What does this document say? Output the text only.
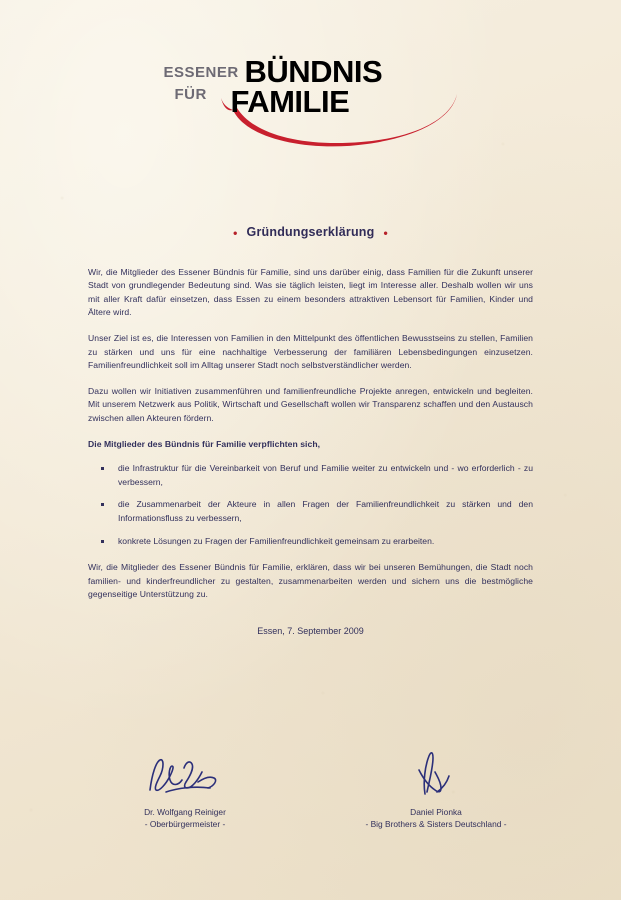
ESSENER
FÜR
BÜNDNIS
FAMILIE
• Gründungserklärung •

Wir, die Mitglieder des Essener Bündnis für Familie, sind uns darüber einig, dass Familien für die Zukunft unserer Stadt von grundlegender Bedeutung sind. Was sie täglich leisten, liegt im Interesse aller. Deshalb wollen wir uns mit aller Kraft dafür einsetzen, dass Essen zu einem besonders attraktiven Lebensort für Familien, Kinder und Ältere wird.

Unser Ziel ist es, die Interessen von Familien in den Mittelpunkt des öffentlichen Bewusstseins zu stellen, Familien zu stärken und uns für eine nachhaltige Verbesserung der familiären Lebensbedingungen einzusetzen. Familienfreundlichkeit soll im Alltag unserer Stadt noch selbstverständlicher werden.

Dazu wollen wir Initiativen zusammenführen und familienfreundliche Projekte anregen, entwickeln und begleiten. Mit unserem Netzwerk aus Politik, Wirtschaft und Gesellschaft wollen wir Transparenz schaffen und den Austausch zwischen allen Akteuren fördern.

Die Mitglieder des Bündnis für Familie verpflichten sich,

die Infrastruktur für die Vereinbarkeit von Beruf und Familie weiter zu entwickeln und - wo erforderlich - zu verbessern,
die Zusammenarbeit der Akteure in allen Fragen der Familienfreundlichkeit zu stärken und den Informationsfluss zu verbessern,
konkrete Lösungen zu Fragen der Familienfreundlichkeit gemeinsam zu erarbeiten.

Wir, die Mitglieder des Essener Bündnis für Familie, erklären, dass wir bei unseren Bemühungen, die Stadt noch familien- und kinderfreundlicher zu gestalten, zusammenarbeiten werden und sichern uns die bestmögliche gegenseitige Unterstützung zu.

Essen, 7. September 2009

Dr. Wolfgang Reiniger
- Oberbürgermeister -
Daniel Pionka
- Big Brothers & Sisters Deutschland -
